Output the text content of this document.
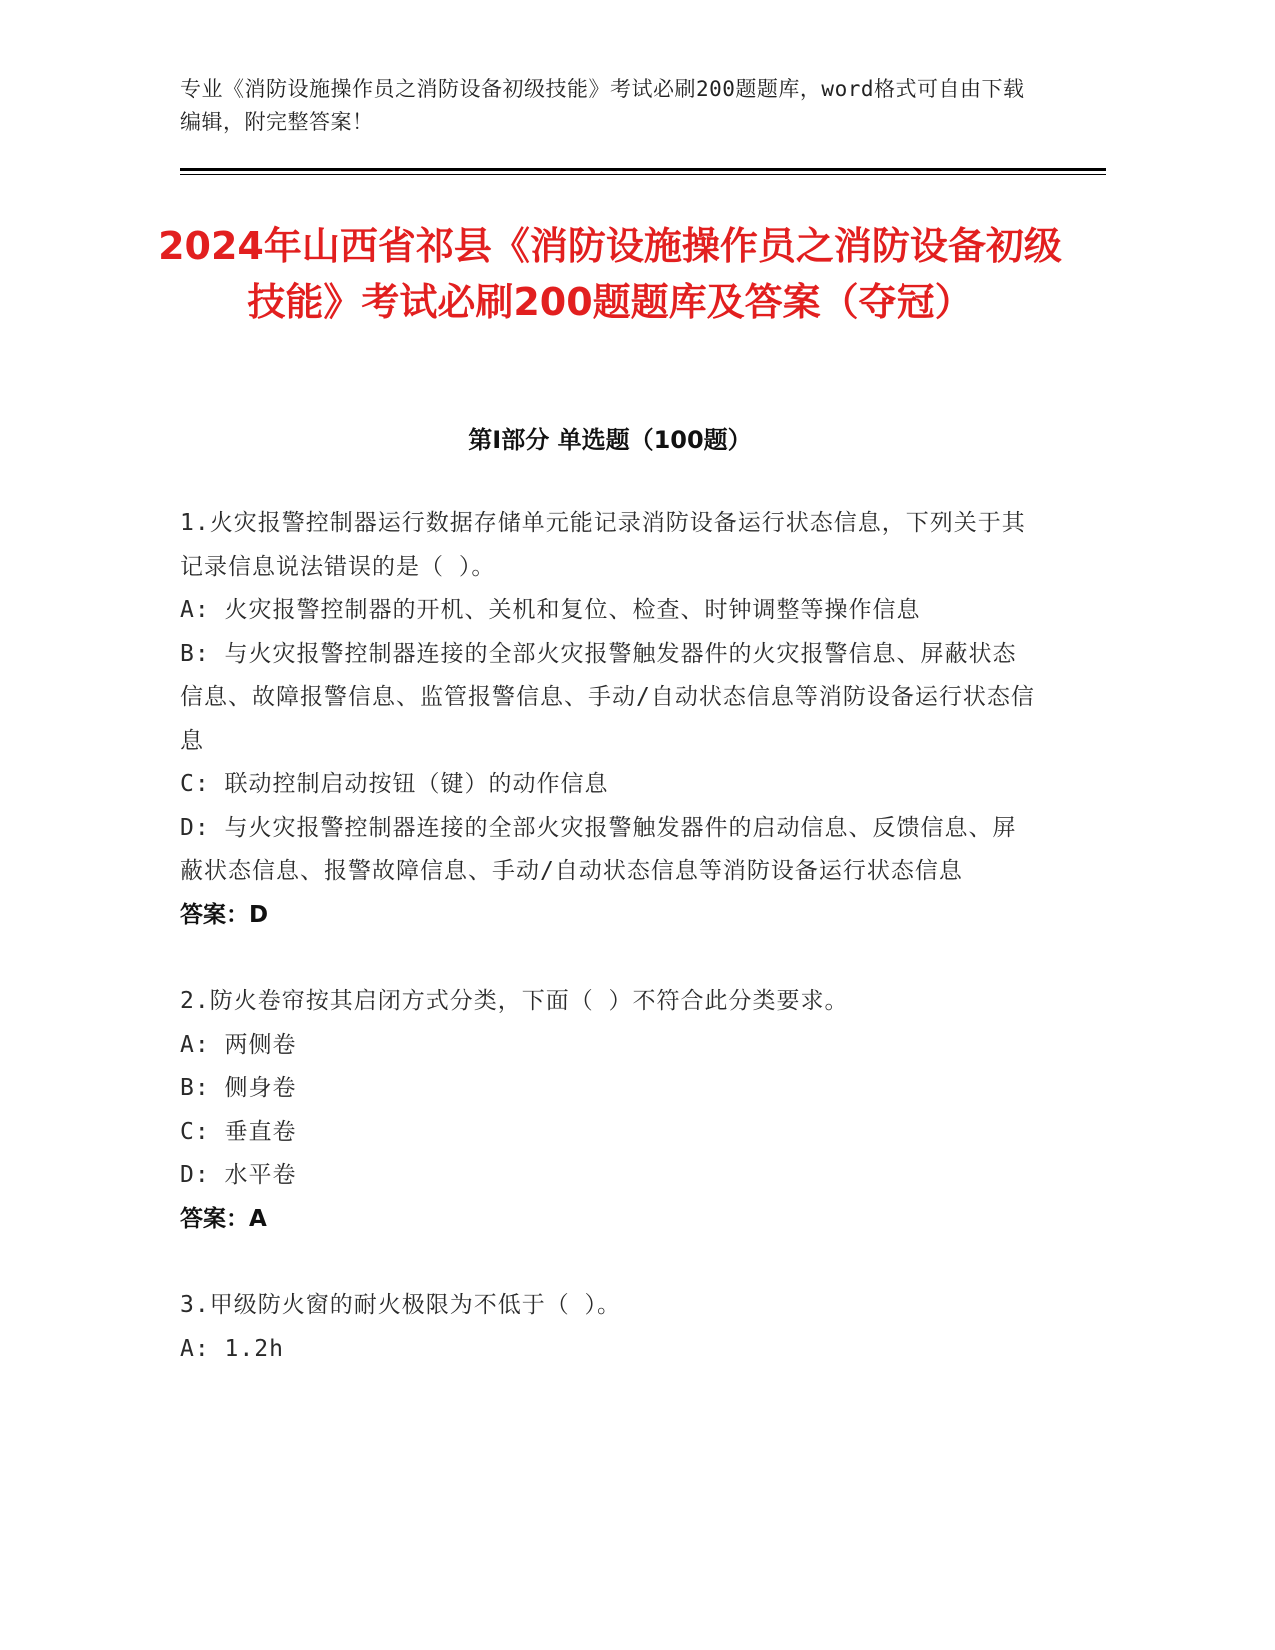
专业《消防设施操作员之消防设备初级技能》考试必刷200题题库，word格式可自由下载编辑，附完整答案！
2024年山西省祁县《消防设施操作员之消防设备初级技能》考试必刷200题题库及答案（夺冠）
第I部分 单选题（100题）
1.火灾报警控制器运行数据存储单元能记录消防设备运行状态信息，下列关于其记录信息说法错误的是（ ）。
A: 火灾报警控制器的开机、关机和复位、检查、时钟调整等操作信息
B: 与火灾报警控制器连接的全部火灾报警触发器件的火灾报警信息、屏蔽状态信息、故障报警信息、监管报警信息、手动/自动状态信息等消防设备运行状态信息
C: 联动控制启动按钮（键）的动作信息
D: 与火灾报警控制器连接的全部火灾报警触发器件的启动信息、反馈信息、屏蔽状态信息、报警故障信息、手动/自动状态信息等消防设备运行状态信息
答案：D
2.防火卷帘按其启闭方式分类，下面（ ）不符合此分类要求。
A: 两侧卷
B: 侧身卷
C: 垂直卷
D: 水平卷
答案：A
3.甲级防火窗的耐火极限为不低于（ ）。
A: 1.2h
